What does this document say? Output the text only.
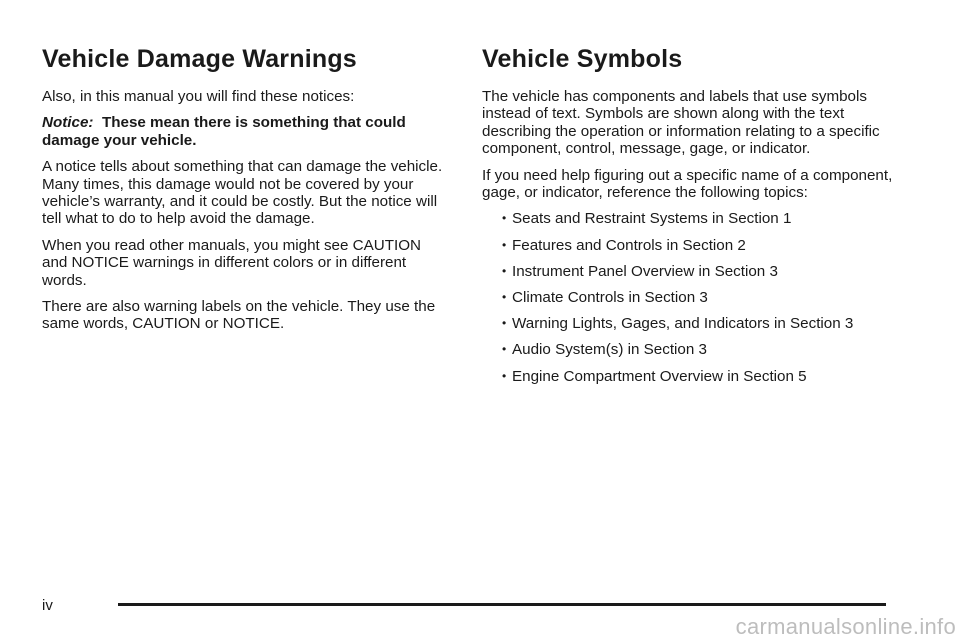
Vehicle Damage Warnings

Also, in this manual you will find these notices:

Notice: These mean there is something that could damage your vehicle.

A notice tells about something that can damage the vehicle. Many times, this damage would not be covered by your vehicle’s warranty, and it could be costly. But the notice will tell what to do to help avoid the damage.

When you read other manuals, you might see CAUTION and NOTICE warnings in different colors or in different words.

There are also warning labels on the vehicle. They use the same words, CAUTION or NOTICE.

Vehicle Symbols

The vehicle has components and labels that use symbols instead of text. Symbols are shown along with the text describing the operation or information relating to a specific component, control, message, gage, or indicator.

If you need help figuring out a specific name of a component, gage, or indicator, reference the following topics:

• Seats and Restraint Systems in Section 1
• Features and Controls in Section 2
• Instrument Panel Overview in Section 3
• Climate Controls in Section 3
• Warning Lights, Gages, and Indicators in Section 3
• Audio System(s) in Section 3
• Engine Compartment Overview in Section 5
iv
carmanualsonline.info
